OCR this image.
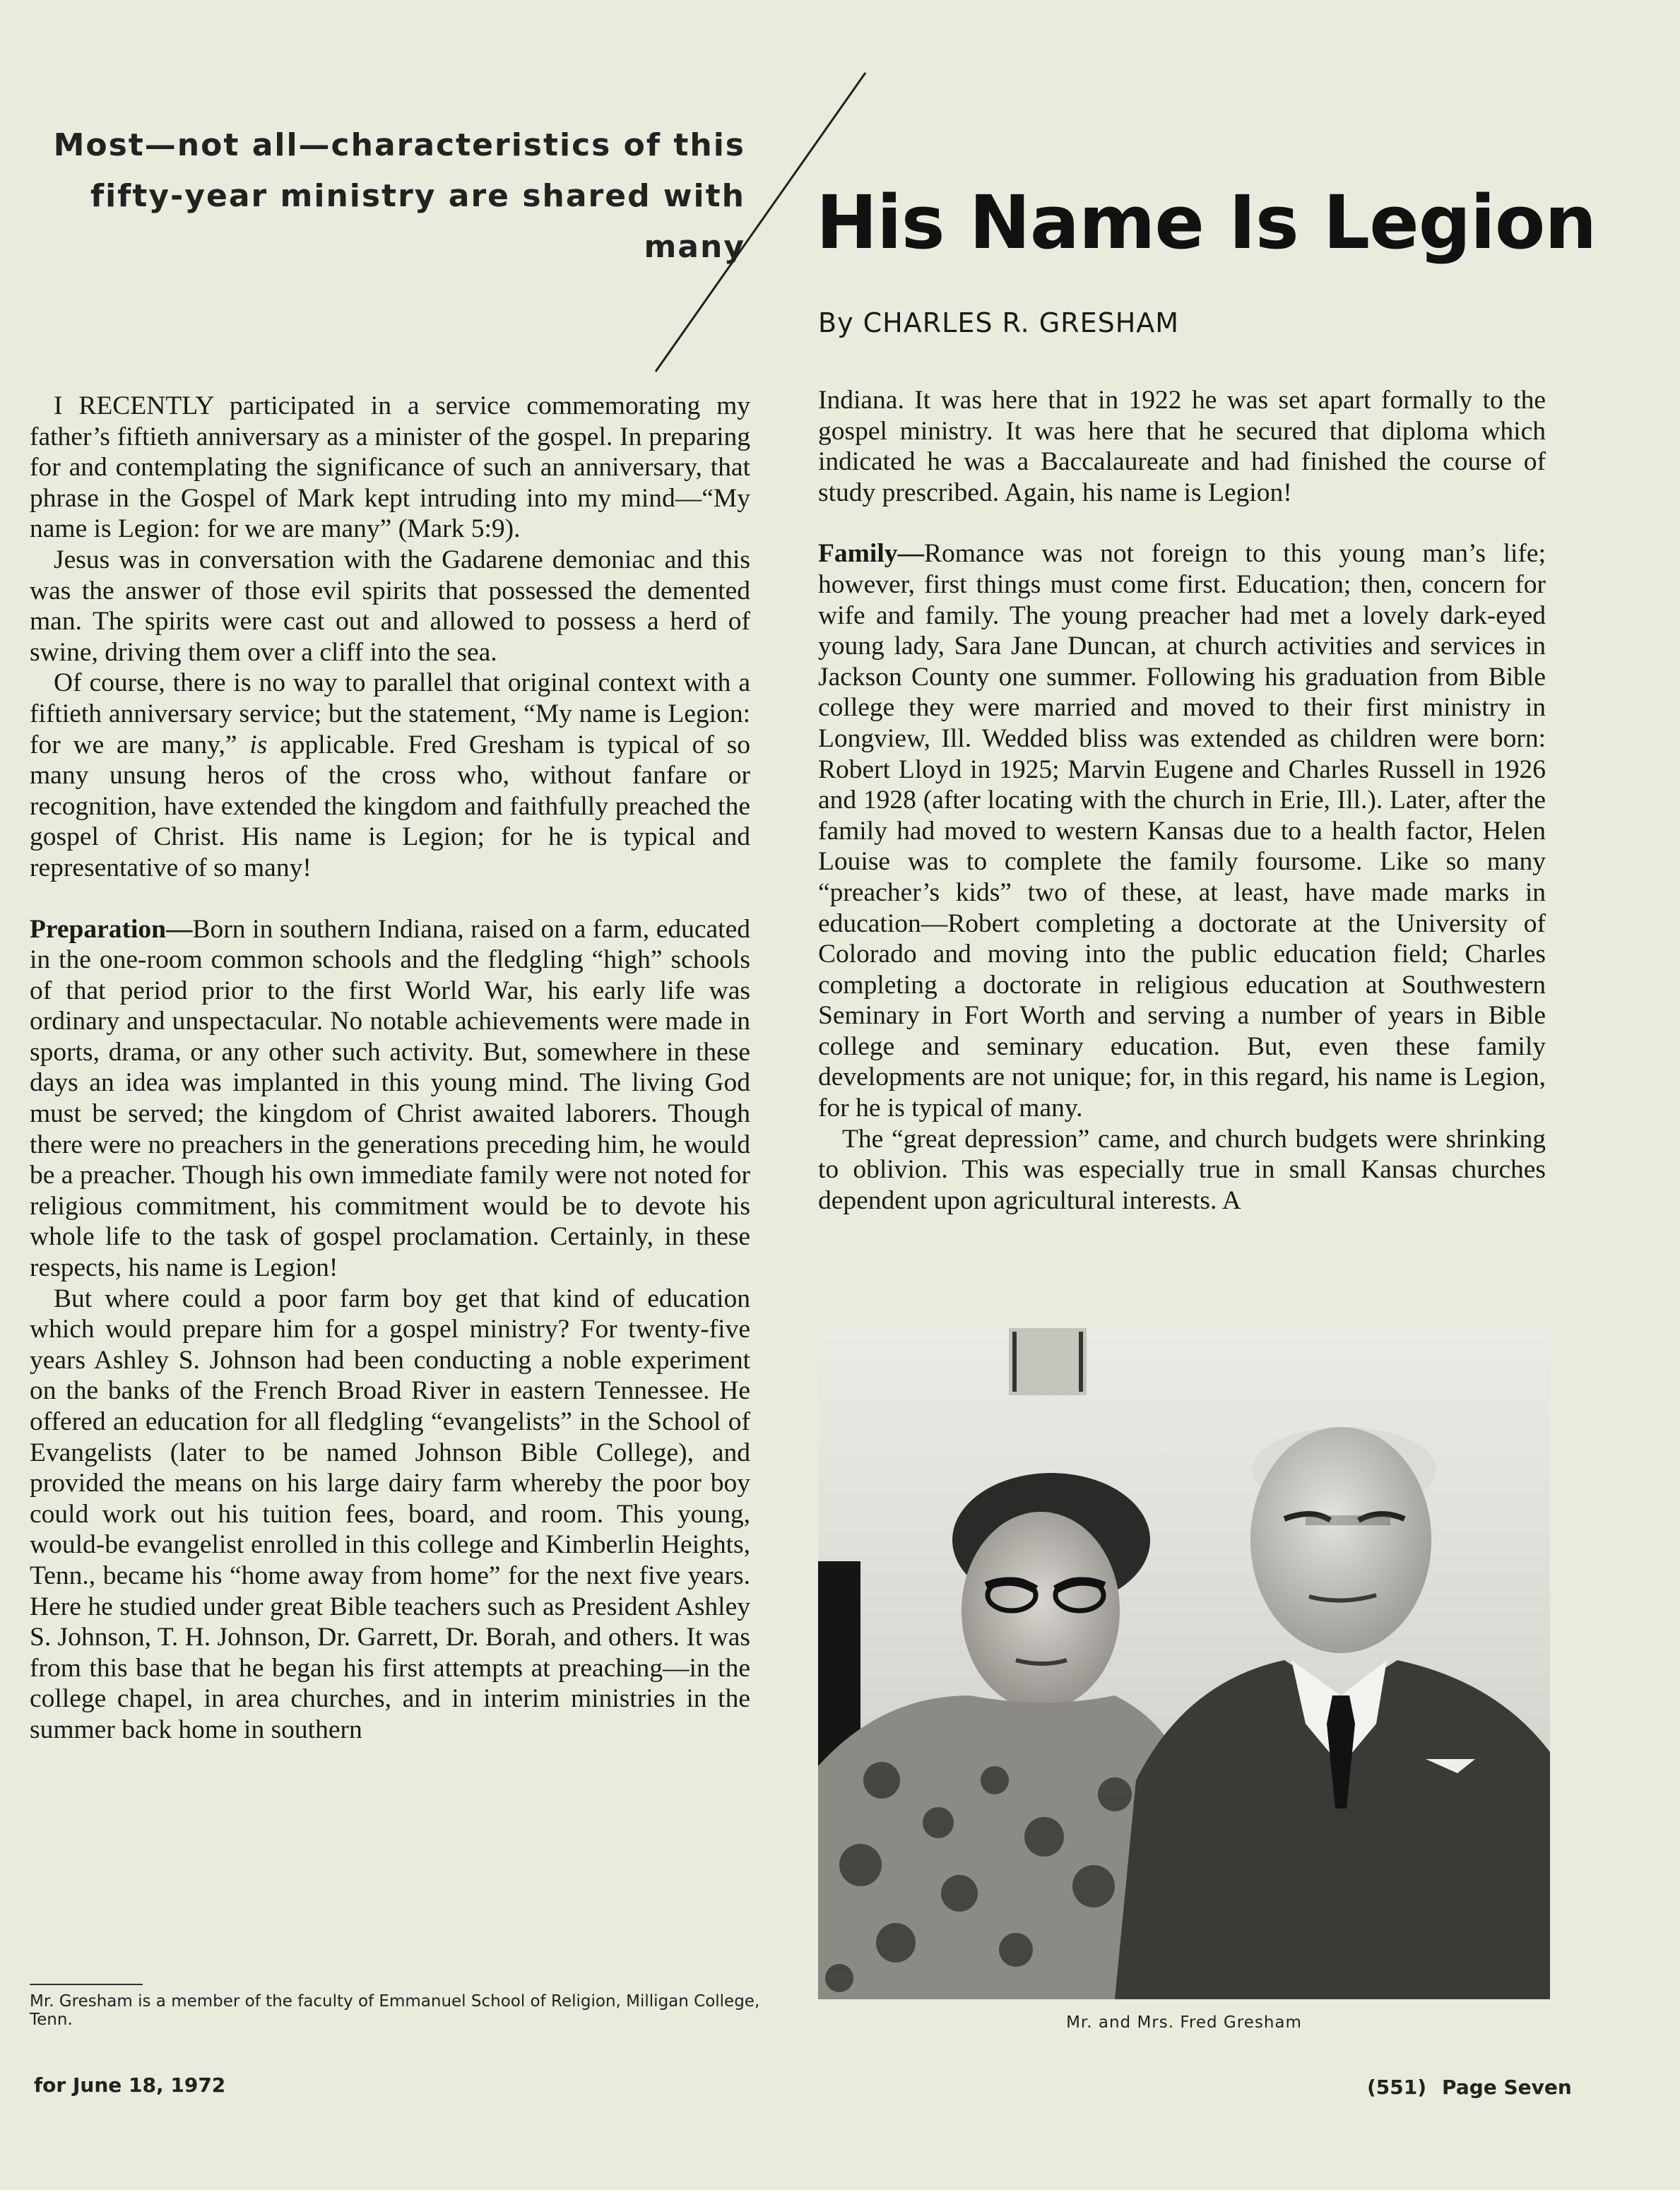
Most—not all—characteristics of this
fifty-year ministry are shared with many His Name Is Legion
By CHARLES R. GRESHAM

I RECENTLY participated in a service commemorating my father’s fiftieth anniversary as a minister of the gospel. In preparing for and contemplating the significance of such an anniversary, that phrase in the Gospel of Mark kept intruding into my mind—“My name is Legion: for we are many” (Mark 5:9).

Jesus was in conversation with the Gadarene demoniac and this was the answer of those evil spirits that possessed the demented man. The spirits were cast out and allowed to possess a herd of swine, driving them over a cliff into the sea.

Of course, there is no way to parallel that original context with a fiftieth anniversary service; but the statement, “My name is Legion: for we are many,” is applicable. Fred Gresham is typical of so many unsung heros of the cross who, without fanfare or recognition, have extended the kingdom and faithfully preached the gospel of Christ. His name is Legion; for he is typical and representative of so many!

Preparation—Born in southern Indiana, raised on a farm, educated in the one-room common schools and the fledgling “high” schools of that period prior to the first World War, his early life was ordinary and unspectacular. No notable achievements were made in sports, drama, or any other such activity. But, somewhere in these days an idea was implanted in this young mind. The living God must be served; the kingdom of Christ awaited laborers. Though there were no preachers in the generations preceding him, he would be a preacher. Though his own immediate family were not noted for religious commitment, his commitment would be to devote his whole life to the task of gospel proclamation. Certainly, in these respects, his name is Legion!

But where could a poor farm boy get that kind of education which would prepare him for a gospel ministry? For twenty-five years Ashley S. Johnson had been conducting a noble experiment on the banks of the French Broad River in eastern Tennessee. He offered an education for all fledgling “evangelists” in the School of Evangelists (later to be named Johnson Bible College), and provided the means on his large dairy farm whereby the poor boy could work out his tuition fees, board, and room. This young, would-be evangelist enrolled in this college and Kimberlin Heights, Tenn., became his “home away from home” for the next five years. Here he studied under great Bible teachers such as President Ashley S. Johnson, T. H. Johnson, Dr. Garrett, Dr. Borah, and others. It was from this base that he began his first attempts at preaching—in the college chapel, in area churches, and in interim ministries in the summer back home in southern

Mr. Gresham is a member of the faculty of Emmanuel School of Religion, Milligan College, Tenn.

Indiana. It was here that in 1922 he was set apart formally to the gospel ministry. It was here that he secured that diploma which indicated he was a Baccalaureate and had finished the course of study prescribed. Again, his name is Legion!

Family—Romance was not foreign to this young man’s life; however, first things must come first. Education; then, concern for wife and family. The young preacher had met a lovely dark-eyed young lady, Sara Jane Duncan, at church activities and services in Jackson County one summer. Following his graduation from Bible college they were married and moved to their first ministry in Longview, Ill. Wedded bliss was extended as children were born: Robert Lloyd in 1925; Marvin Eugene and Charles Russell in 1926 and 1928 (after locating with the church in Erie, Ill.). Later, after the family had moved to western Kansas due to a health factor, Helen Louise was to complete the family foursome. Like so many “preacher’s kids” two of these, at least, have made marks in education—Robert completing a doctorate at the University of Colorado and moving into the public education field; Charles completing a doctorate in religious education at Southwestern Seminary in Fort Worth and serving a number of years in Bible college and seminary education. But, even these family developments are not unique; for, in this regard, his name is Legion, for he is typical of many.

The “great depression” came, and church budgets were shrinking to oblivion. This was especially true in small Kansas churches dependent upon agricultural interests. A

Mr. and Mrs. Fred Gresham
for June 18, 1972	(551) Page Seven
